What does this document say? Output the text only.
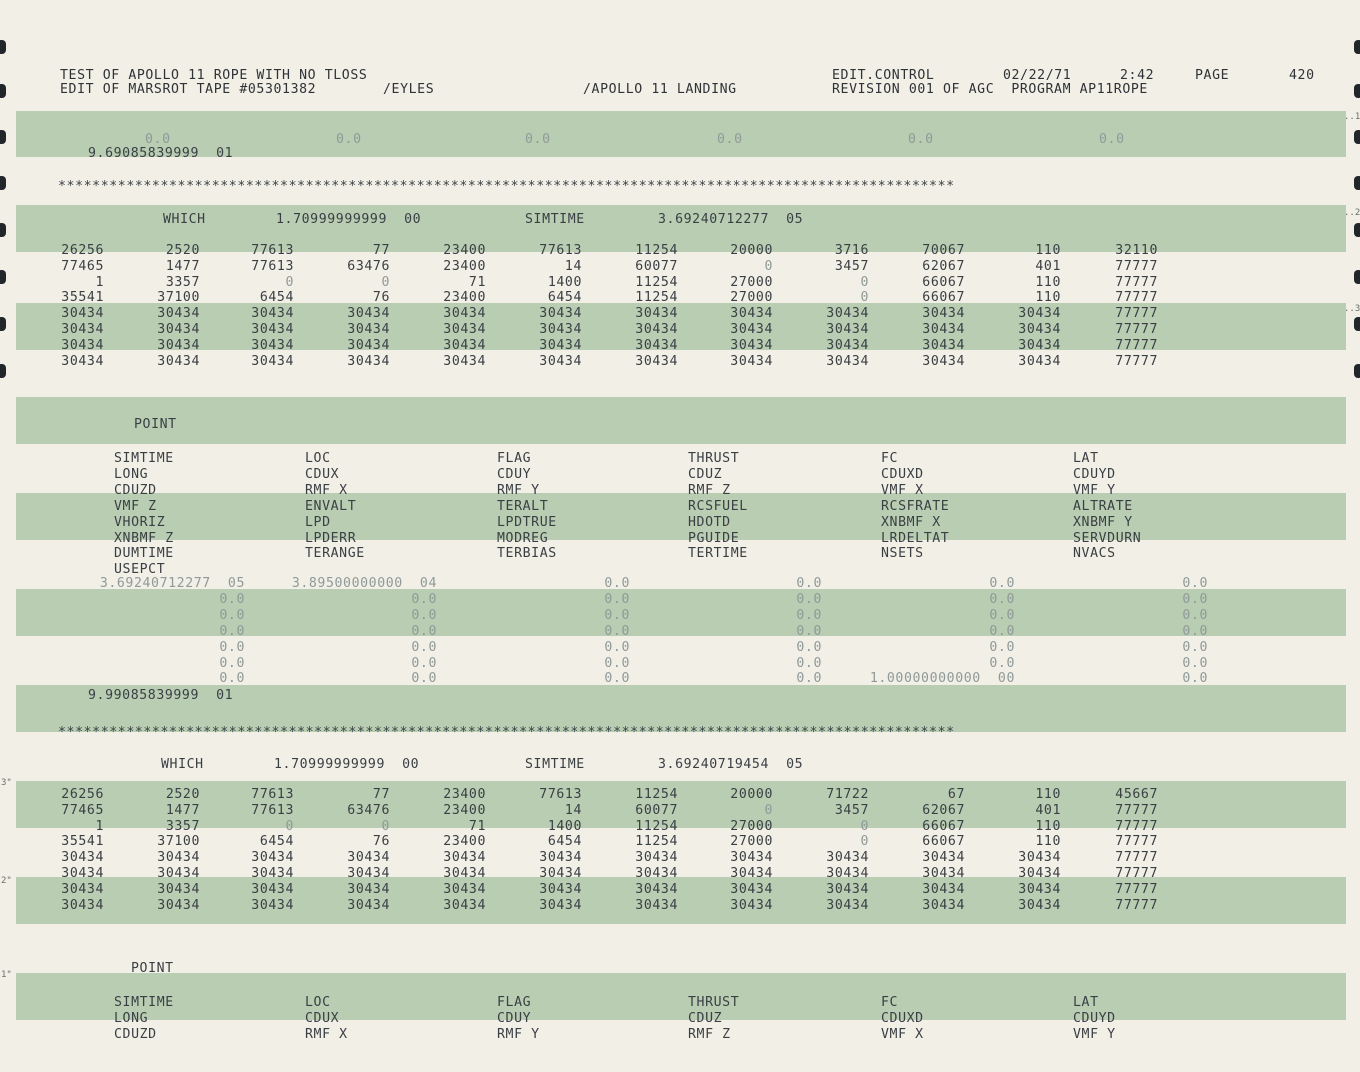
..1
..2
..3
3"
2"
1"
TEST OF APOLLO 11 ROPE WITH NO TLOSS
EDIT OF MARSROT TAPE #05301382	/EYLES	/APOLLO 11 LANDING
EDIT.CONTROL	02/22/71	2:42	PAGE	420
REVISION 001 OF AGC  PROGRAM AP11ROPE
0.0	0.0	0.0	0.0	0.0	0.0
9.69085839999  01
*********************************************************************************************************
WHICH	1.70999999999  00	SIMTIME	3.69240712277  05
26256	2520	77613	77	23400	77613	11254	20000	3716	70067	110	32110
77465	1477	77613	63476	23400	14	60077	0	3457	62067	401	77777
1	3357	0	0	71	1400	11254	27000	0	66067	110	77777
35541	37100	6454	76	23400	6454	11254	27000	0	66067	110	77777
30434	30434	30434	30434	30434	30434	30434	30434	30434	30434	30434	77777
30434	30434	30434	30434	30434	30434	30434	30434	30434	30434	30434	77777
30434	30434	30434	30434	30434	30434	30434	30434	30434	30434	30434	77777
30434	30434	30434	30434	30434	30434	30434	30434	30434	30434	30434	77777
POINT
SIMTIME	LOC	FLAG	THRUST	FC	LAT
LONG	CDUX	CDUY	CDUZ	CDUXD	CDUYD
CDUZD	RMF X	RMF Y	RMF Z	VMF X	VMF Y
VMF Z	ENVALT	TERALT	RCSFUEL	RCSFRATE	ALTRATE
VHORIZ	LPD	LPDTRUE	HDOTD	XNBMF X	XNBMF Y
XNBMF Z	LPDERR	MODREG	PGUIDE	LRDELTAT	SERVDURN
DUMTIME	TERANGE	TERBIAS	TERTIME	NSETS	NVACS
USEPCT
3.69240712277  05	3.89500000000  04	0.0	0.0	0.0	0.0
0.0	0.0	0.0	0.0	0.0	0.0
0.0	0.0	0.0	0.0	0.0	0.0
0.0	0.0	0.0	0.0	0.0	0.0
0.0	0.0	0.0	0.0	0.0	0.0
0.0	0.0	0.0	0.0	0.0	0.0
0.0	0.0	0.0	0.0	1.00000000000  00	0.0
9.99085839999  01
*********************************************************************************************************
WHICH	1.70999999999  00	SIMTIME	3.69240719454  05
26256	2520	77613	77	23400	77613	11254	20000	71722	67	110	45667
77465	1477	77613	63476	23400	14	60077	0	3457	62067	401	77777
1	3357	0	0	71	1400	11254	27000	0	66067	110	77777
35541	37100	6454	76	23400	6454	11254	27000	0	66067	110	77777
30434	30434	30434	30434	30434	30434	30434	30434	30434	30434	30434	77777
30434	30434	30434	30434	30434	30434	30434	30434	30434	30434	30434	77777
30434	30434	30434	30434	30434	30434	30434	30434	30434	30434	30434	77777
30434	30434	30434	30434	30434	30434	30434	30434	30434	30434	30434	77777
POINT
SIMTIME	LOC	FLAG	THRUST	FC	LAT
LONG	CDUX	CDUY	CDUZ	CDUXD	CDUYD
CDUZD	RMF X	RMF Y	RMF Z	VMF X	VMF Y
